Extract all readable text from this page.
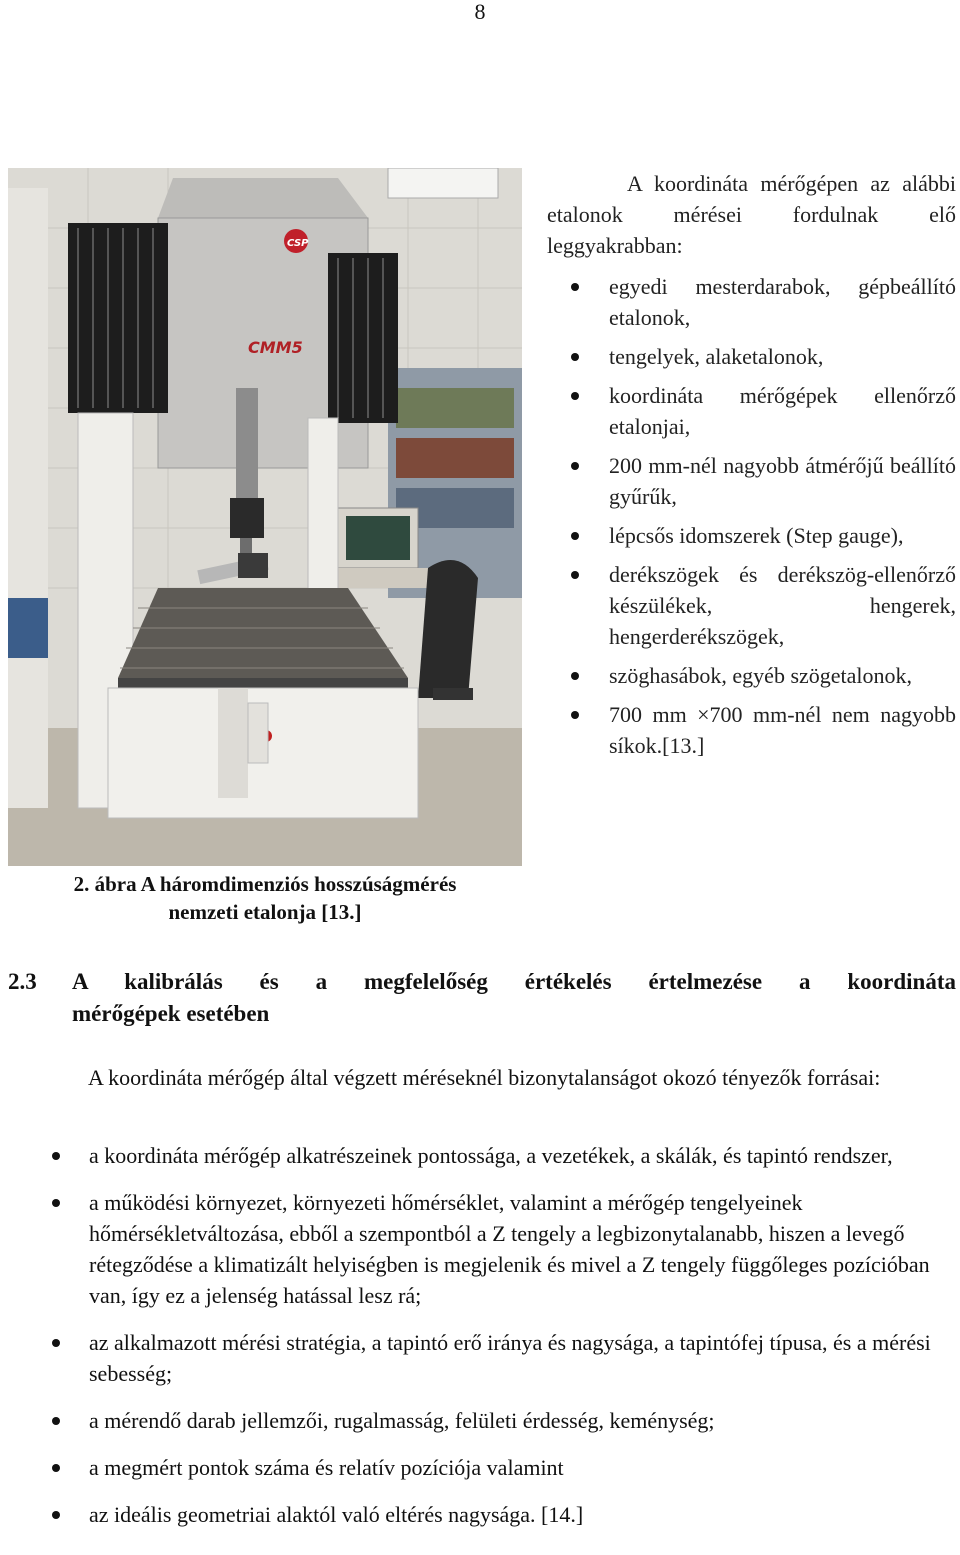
8
CSP
CMM5
2. ábra A háromdimenziós hosszúságmérés
nemzeti etalonja [13.]

A koordináta mérőgépen az alábbi etalonok mérései fordulnak elő leggyakrabban:

egyedi mesterdarabok, gépbeállító etalonok,
tengelyek, alaketalonok,
koordináta mérőgépek ellenőrző etalonjai,
200 mm-nél nagyobb átmérőjű beállító gyűrűk,
lépcsős idomszerek (Step gauge),
derékszögek és derékszög-ellenőrző készülékek, hengerek, hengerderékszögek,
szöghasábok, egyéb szögetalonok,
700 mm ×700 mm-nél nem nagyobb síkok.[13.]
2.3	A kalibrálás és a megfelelőség értékelés értelmezése a koordináta
mérőgépek esetében
A koordináta mérőgép által végzett méréseknél bizonytalanságot okozó tényezők forrásai:
a koordináta mérőgép alkatrészeinek pontossága, a vezetékek, a skálák, és tapintó rendszer,
a működési környezet, környezeti hőmérséklet, valamint a mérőgép tengelyeinek hőmérsékletváltozása, ebből a szempontból a Z tengely a legbizonytalanabb, hiszen a levegő rétegződése a klimatizált helyiségben is megjelenik és mivel a Z tengely függőleges pozícióban van, így ez a jelenség hatással lesz rá;
az alkalmazott mérési stratégia, a tapintó erő iránya és nagysága, a tapintófej típusa, és a mérési sebesség;
a mérendő darab jellemzői, rugalmasság, felületi érdesség, keménység;
a megmért pontok száma és relatív pozíciója valamint
az ideális geometriai alaktól való eltérés nagysága. [14.]
